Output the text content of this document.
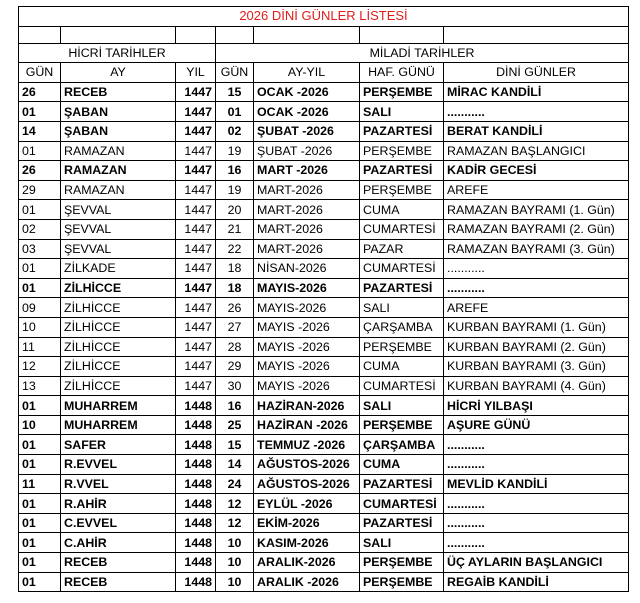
2026 DİNİ GÜNLER LİSTESİ						

HİCRİ TARİHLER			MİLADİ TARİHLER			
GÜN	AY	YIL	GÜN	AY-YIL	HAF. GÜNÜ	DİNİ GÜNLER
26	RECEB	1447	15	OCAK -2026	PERŞEMBE	MİRAC KANDİLİ
01	ŞABAN	1447	01	OCAK -2026	SALI	...........
14	ŞABAN	1447	02	ŞUBAT -2026	PAZARTESİ	BERAT KANDİLİ
01	RAMAZAN	1447	19	ŞUBAT -2026	PERŞEMBE	RAMAZAN BAŞLANGICI
26	RAMAZAN	1447	16	MART -2026	PAZARTESİ	KADİR GECESİ
29	RAMAZAN	1447	19	MART-2026	PERŞEMBE	AREFE
01	ŞEVVAL	1447	20	MART-2026	CUMA	RAMAZAN BAYRAMI (1. Gün)
02	ŞEVVAL	1447	21	MART-2026	CUMARTESİ	RAMAZAN BAYRAMI (2. Gün)
03	ŞEVVAL	1447	22	MART-2026	PAZAR	RAMAZAN BAYRAMI (3. Gün)
01	ZİLKADE	1447	18	NİSAN-2026	CUMARTESİ	...........
01	ZİLHİCCE	1447	18	MAYIS-2026	PAZARTESİ	...........
09	ZİLHİCCE	1447	26	MAYIS-2026	SALI	AREFE
10	ZİLHİCCE	1447	27	MAYIS -2026	ÇARŞAMBA	KURBAN BAYRAMI (1. Gün)
11	ZİLHİCCE	1447	28	MAYIS -2026	PERŞEMBE	KURBAN BAYRAMI (2. Gün)
12	ZİLHİCCE	1447	29	MAYIS -2026	CUMA	KURBAN BAYRAMI (3. Gün)
13	ZİLHİCCE	1447	30	MAYIS -2026	CUMARTESİ	KURBAN BAYRAMI (4. Gün)
01	MUHARREM	1448	16	HAZİRAN-2026	SALI	HİCRİ YILBAŞI
10	MUHARREM	1448	25	HAZİRAN -2026	PERŞEMBE	AŞURE GÜNÜ
01	SAFER	1448	15	TEMMUZ -2026	ÇARŞAMBA	...........
01	R.EVVEL	1448	14	AĞUSTOS-2026	CUMA	...........
11	R.VVEL	1448	24	AĞUSTOS-2026	PAZARTESİ	MEVLİD KANDİLİ
01	R.AHİR	1448	12	EYLÜL -2026	CUMARTESİ	...........
01	C.EVVEL	1448	12	EKİM-2026	PAZARTESİ	...........
01	C.AHİR	1448	10	KASIM-2026	SALI	...........
01	RECEB	1448	10	ARALIK-2026	PERŞEMBE	ÜÇ AYLARIN BAŞLANGICI
01	RECEB	1448	10	ARALIK -2026	PERŞEMBE	REGAİB KANDİLİ
